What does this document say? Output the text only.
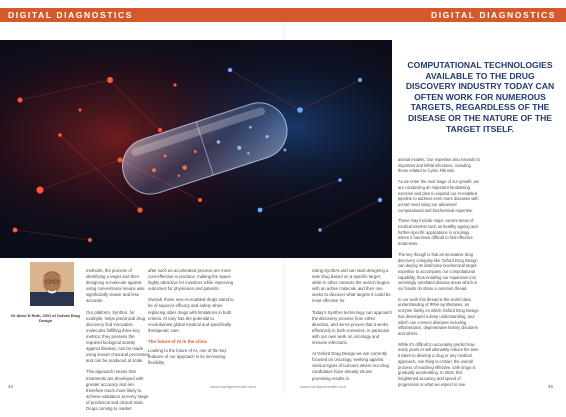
DIGITAL DIAGNOSTICS	DIGITAL DIAGNOSTICS
COMPUTATIONAL TECHNOLOGIES AVAILABLE TO THE DRUG DISCOVERY INDUSTRY TODAY CAN OFTEN WORK FOR NUMEROUS TARGETS, REGARDLESS OF THE DISEASE OR THE NATURE OF THE TARGET ITSELF.
Dr Abrol D Roth, CEO of Oxford Drug Design

methods, the process of identifying a target and then designing a molecule against using conventional means was significantly slower and less accurate.

Our platform, SynthAI, for example, helps preclinical drug discovery find innovative molecules fulfilling three key metrics: they possess the required biological activity against disease, can be made using known chemical processes, and can be produced at scale.

This approach means that treatments are developed with greater accuracy and are therefore much more likely to achieve validation at every stage of preclinical and clinical trials. Drugs coming to market

after such an accelerated process are more cost-effective to produce, making the space highly attractive for investors while improving outcomes for physicians and patients.

Overall, these new AI-enabled drugs stand to be of superior efficacy and safety when replacing older drugs with limitations in both criteria. AI truly has the potential to revolutionise global medical and specifically therapeutic care.

The future of AI in the clinic

Looking to the future of AI, one of the key features of our approach is its increasing flexibility.

Using SynthAI and can start designing a new drug based on a specific target, while in other contexts the search begins with an active molecule and their one seeks to discover what targets it could be most effective for.

Today's SynthAI technology can approach the discovery process from either direction, and we've proven that it works effectively in both scenarios, in particular with our own work on oncology and immune infections.

At Oxford Drug Design we are currently focused on oncology, seeking against various types of tumours where our drug candidates have already shown promising results in

animal models. Our expertise also extends to important and lethal infections, including those related to Cystic Fibrosis.

As we enter the next stage of our growth, we are conducting an important fundraising exercise and plan to expand our AI-enabled pipeline to address even more diseases with unmet need using our advanced computational and biochemical expertise.

These may include major current areas of medical interest such as healthy ageing and further-specific applications in oncology where it has been difficult to find effective treatments.

The key though is that an innovative drug discovery company like Oxford Drug Design can deploy its distinctive biochemical target expertise to accompany our computational capability, thus enabling our expansion into seemingly unrelated disease areas which in our hands do share a common thread.

In our work this thread is the world-class understanding of tRNA synthetases, an enzyme family on which Oxford Drug Design has developed a deep understanding, and which can connect diseases including inflammation, degenerative kidney disorders and others.

While it's difficult to accurately predict how many years AI will ultimately reduce the time it takes to develop a drug or any medical approach, one thing is certain: the overall process of reaching effective, safe drugs is gradually accelerating. In 2025, this heightened accuracy and speed of progression is what we expect to see.

44	www.intelligenthealth.tech	www.intelligenthealth.tech	45
